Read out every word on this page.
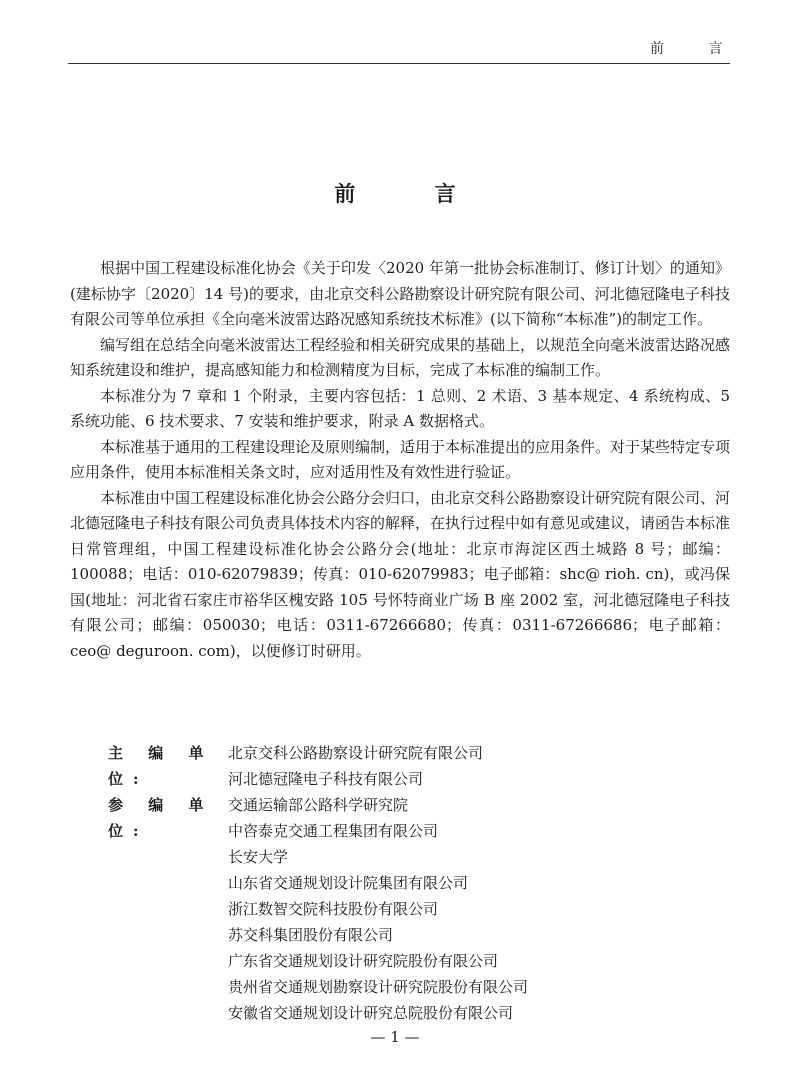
前 言
前 言

根据中国工程建设标准化协会《关于印发〈2020 年第一批协会标准制订、修订计划〉的通知》(建标协字〔2020〕14 号)的要求，由北京交科公路勘察设计研究院有限公司、河北德冠隆电子科技有限公司等单位承担《全向毫米波雷达路况感知系统技术标准》(以下简称“本标准”)的制定工作。

编写组在总结全向毫米波雷达工程经验和相关研究成果的基础上，以规范全向毫米波雷达路况感知系统建设和维护，提高感知能力和检测精度为目标，完成了本标准的编制工作。

本标准分为 7 章和 1 个附录，主要内容包括：1 总则、2 术语、3 基本规定、4 系统构成、5 系统功能、6 技术要求、7 安装和维护要求，附录 A 数据格式。

本标准基于通用的工程建设理论及原则编制，适用于本标准提出的应用条件。对于某些特定专项应用条件，使用本标准相关条文时，应对适用性及有效性进行验证。

本标准由中国工程建设标准化协会公路分会归口，由北京交科公路勘察设计研究院有限公司、河北德冠隆电子科技有限公司负责具体技术内容的解释，在执行过程中如有意见或建议，请函告本标准日常管理组，中国工程建设标准化协会公路分会(地址：北京市海淀区西土城路 8 号；邮编：100088；电话：010-62079839；传真：010-62079983；电子邮箱：shc@ rioh. cn)，或冯保国(地址：河北省石家庄市裕华区槐安路 105 号怀特商业广场 B 座 2002 室，河北德冠隆电子科技有限公司；邮编：050030；电话：0311-67266680；传真：0311-67266686；电子邮箱：ceo@ deguroon. com)，以便修订时研用。

主 编 单 位:
北京交科公路勘察设计研究院有限公司
河北德冠隆电子科技有限公司
参 编 单 位:
交通运输部公路科学研究院
中咨泰克交通工程集团有限公司
长安大学
山东省交通规划设计院集团有限公司
浙江数智交院科技股份有限公司
苏交科集团股份有限公司
广东省交通规划设计研究院股份有限公司
贵州省交通规划勘察设计研究院股份有限公司
安徽省交通规划设计研究总院股份有限公司
— 1 —
